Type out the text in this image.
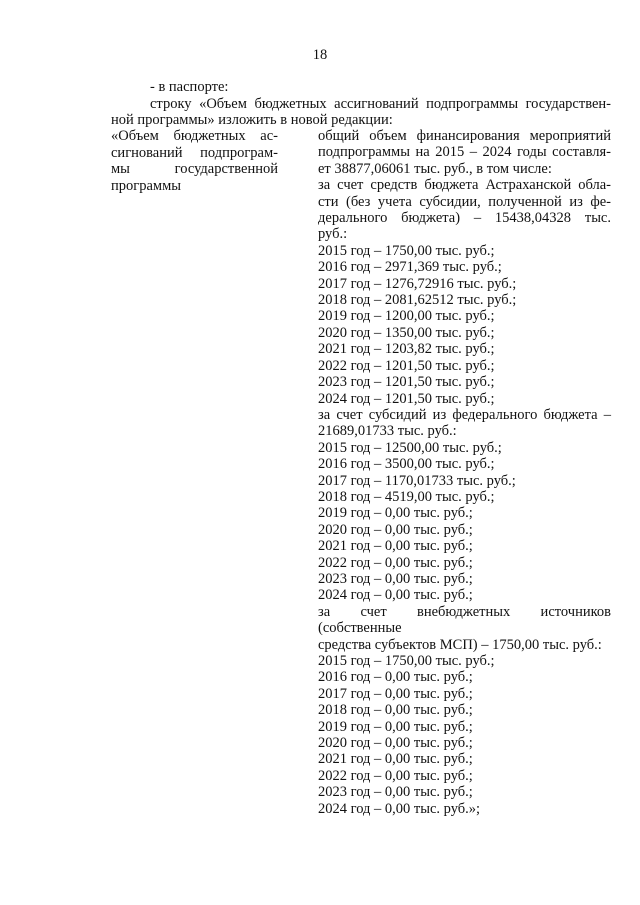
18
- в паспорте:
строку «Объем бюджетных ассигнований подпрограммы государствен-
ной программы» изложить в новой редакции:
«Объем бюджетных ас-
сигнований подпрограм-
мы государственной
программы
общий объем финансирования мероприятий
подпрограммы на 2015 – 2024 годы составля-
ет 38877,06061 тыс. руб., в том числе:
за счет средств бюджета Астраханской обла-
сти (без учета субсидии, полученной из фе-
дерального бюджета) – 15438,04328 тыс.
руб.:
2015 год – 1750,00 тыс. руб.;
2016 год – 2971,369 тыс. руб.;
2017 год – 1276,72916 тыс. руб.;
2018 год – 2081,62512 тыс. руб.;
2019 год – 1200,00 тыс. руб.;
2020 год – 1350,00 тыс. руб.;
2021 год – 1203,82 тыс. руб.;
2022 год – 1201,50 тыс. руб.;
2023 год – 1201,50 тыс. руб.;
2024 год – 1201,50 тыс. руб.;
за счет субсидий из федерального бюджета –
21689,01733 тыс. руб.:
2015 год – 12500,00 тыс. руб.;
2016 год – 3500,00 тыс. руб.;
2017 год – 1170,01733 тыс. руб.;
2018 год – 4519,00 тыс. руб.;
2019 год – 0,00 тыс. руб.;
2020 год – 0,00 тыс. руб.;
2021 год – 0,00 тыс. руб.;
2022 год – 0,00 тыс. руб.;
2023 год – 0,00 тыс. руб.;
2024 год – 0,00 тыс. руб.;
за счет внебюджетных источников (собственные
средства субъектов МСП) – 1750,00 тыс. руб.:
2015 год – 1750,00 тыс. руб.;
2016 год – 0,00 тыс. руб.;
2017 год – 0,00 тыс. руб.;
2018 год – 0,00 тыс. руб.;
2019 год – 0,00 тыс. руб.;
2020 год – 0,00 тыс. руб.;
2021 год – 0,00 тыс. руб.;
2022 год – 0,00 тыс. руб.;
2023 год – 0,00 тыс. руб.;
2024 год – 0,00 тыс. руб.»;
